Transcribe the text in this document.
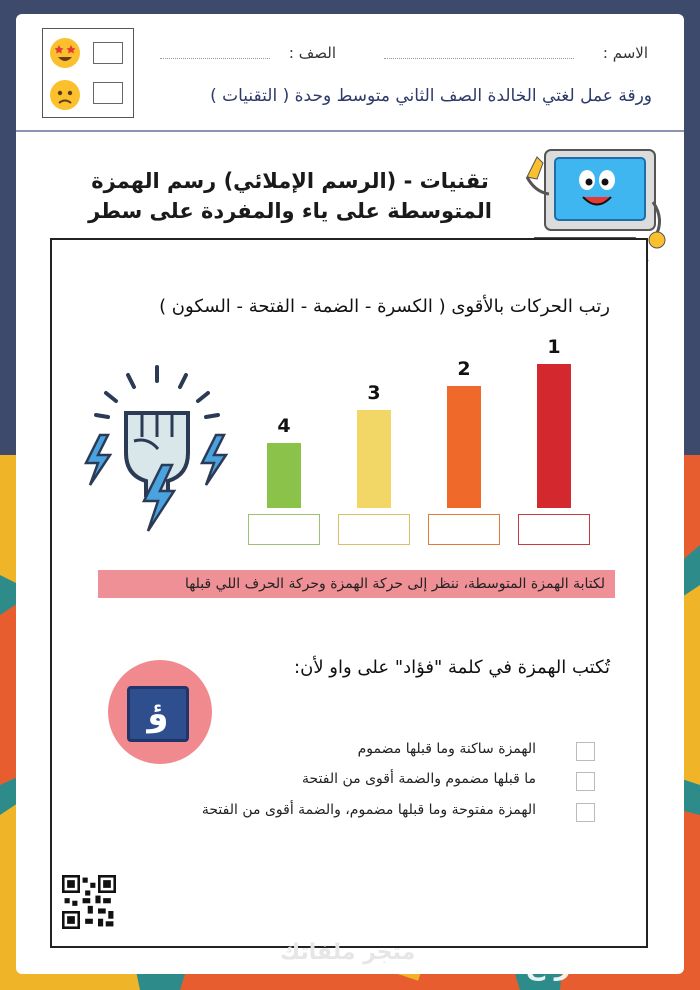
الاسم :
الصف :
ورقة عمل لغتي الخالدة الصف الثاني متوسط وحدة ( التقنيات )
تقنيات - (الرسم الإملائي) رسم الهمزة
المتوسطة على ياء والمفردة على سطر
رتب الحركات بالأقوى ( الكسرة - الضمة - الفتحة - السكون )
1
2
3
4
لكتابة الهمزة المتوسطة، ننظر إلى حركة الهمزة وحركة الحرف اللي قبلها
تُكتب الهمزة في كلمة "فؤاد" على واو لأن:
ؤ
الهمزة ساكنة وما قبلها مضموم
ما قبلها مضموم والضمة أقوى من الفتحة
الهمزة مفتوحة وما قبلها مضموم، والضمة أقوى من الفتحة
متجر ملفاتك	حراج
